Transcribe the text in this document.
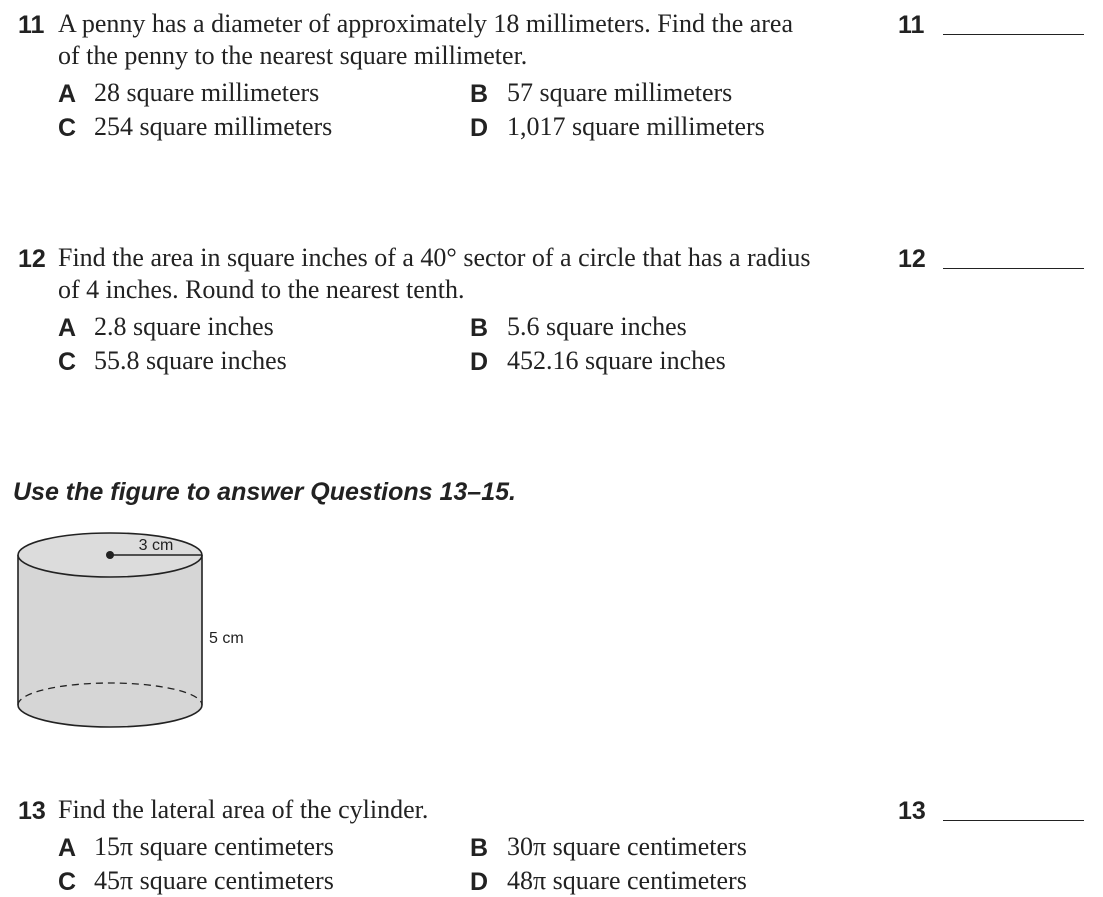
11 A penny has a diameter of approximately 18 millimeters. Find the area
of the penny to the nearest square millimeter.
A 28 square millimeters	B 57 square millimeters
C 254 square millimeters	D 1,017 square millimeters
11
12 Find the area in square inches of a 40° sector of a circle that has a radius
of 4 inches. Round to the nearest tenth.
A 2.8 square inches	B 5.6 square inches
C 55.8 square inches	D 452.16 square inches
12
Use the figure to answer Questions 13–15.
3 cm
5 cm
13 Find the lateral area of the cylinder.
A 15π square centimeters	B 30π square centimeters
C 45π square centimeters	D 48π square centimeters
13
